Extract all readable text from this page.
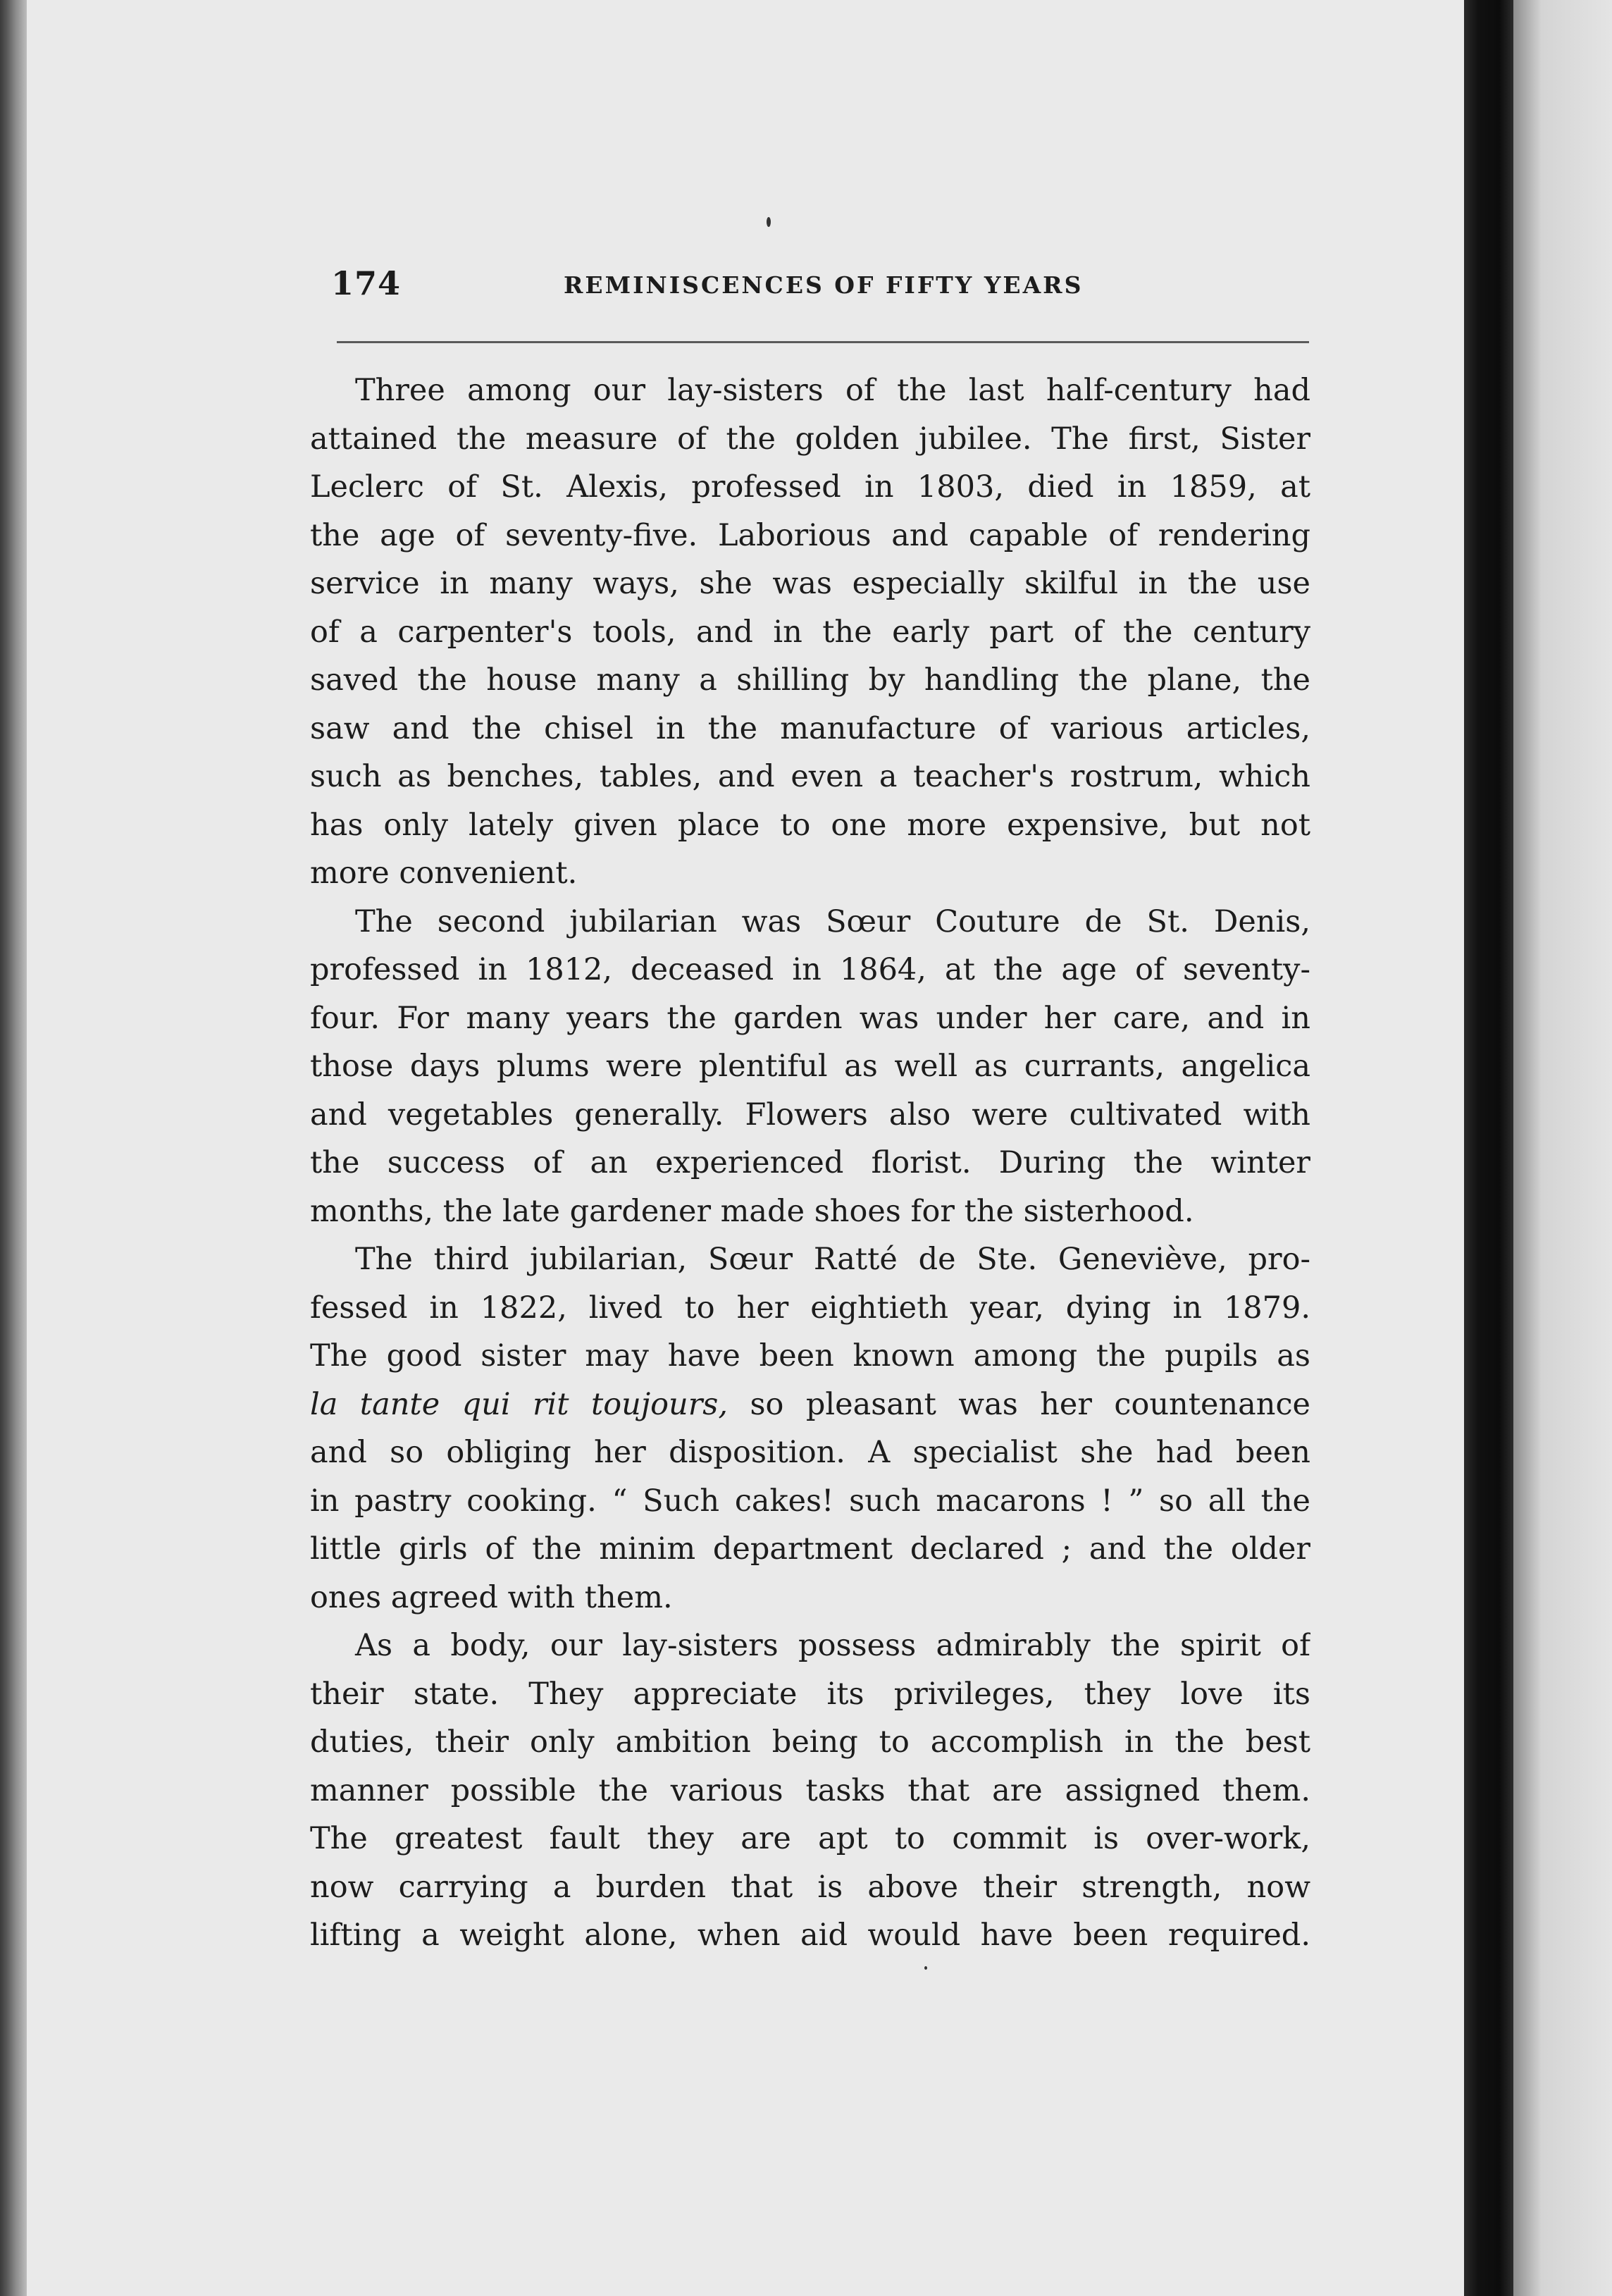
174	REMINISCENCES OF FIFTY YEARS
Three among our lay-sisters of the last half-century had
attained the measure of the golden jubilee. The first, Sister
Leclerc of St. Alexis, professed in 1803, died in 1859, at
the age of seventy-five. Laborious and capable of rendering
service in many ways, she was especially skilful in the use
of a carpenter's tools, and in the early part of the century
saved the house many a shilling by handling the plane, the
saw and the chisel in the manufacture of various articles,
such as benches, tables, and even a teacher's rostrum, which
has only lately given place to one more expensive, but not
more convenient.
The second jubilarian was Sœur Couture de St. Denis,
professed in 1812, deceased in 1864, at the age of seventy-
four. For many years the garden was under her care, and in
those days plums were plentiful as well as currants, angelica
and vegetables generally. Flowers also were cultivated with
the success of an experienced florist. During the winter
months, the late gardener made shoes for the sisterhood.
The third jubilarian, Sœur Ratté de Ste. Geneviève, pro-
fessed in 1822, lived to her eightieth year, dying in 1879.
The good sister may have been known among the pupils as
la tante qui rit toujours, so pleasant was her countenance
and so obliging her disposition. A specialist she had been
in pastry cooking. “ Such cakes! such macarons ! ” so all the
little girls of the minim department declared ; and the older
ones agreed with them.
As a body, our lay-sisters possess admirably the spirit of
their state. They appreciate its privileges, they love its
duties, their only ambition being to accomplish in the best
manner possible the various tasks that are assigned them.
The greatest fault they are apt to commit is over-work,
now carrying a burden that is above their strength, now
lifting a weight alone, when aid would have been required.
